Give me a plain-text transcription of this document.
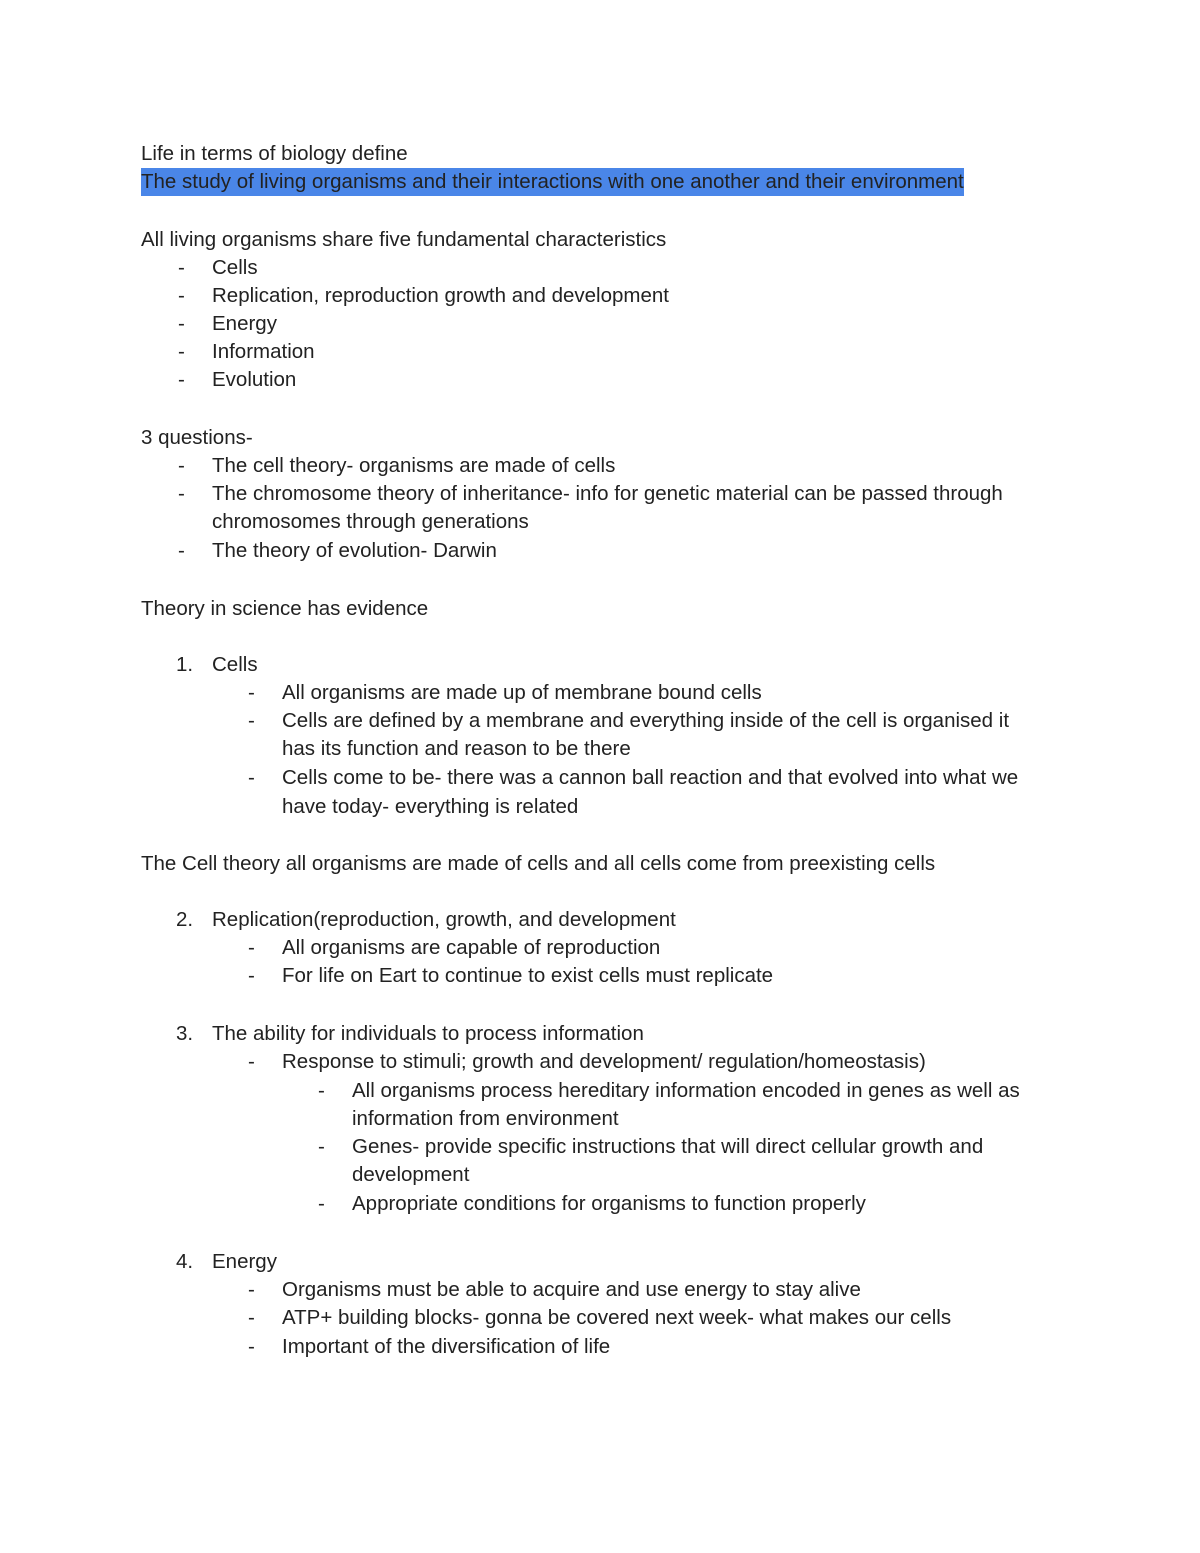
Life in terms of biology define
The study of living organisms and their interactions with one another and their environment
All living organisms share five fundamental characteristics
- Cells
- Replication, reproduction growth and development
- Energy
- Information
- Evolution
3 questions-
- The cell theory- organisms are made of cells
- The chromosome theory of inheritance- info for genetic material can be passed through
chromosomes through generations
- The theory of evolution- Darwin
Theory in science has evidence
1. Cells
- All organisms are made up of membrane bound cells
- Cells are defined by a membrane and everything inside of the cell is organised it
has its function and reason to be there
- Cells come to be- there was a cannon ball reaction and that evolved into what we
have today- everything is related
The Cell theory all organisms are made of cells and all cells come from preexisting cells
2. Replication(reproduction, growth, and development
- All organisms are capable of reproduction
- For life on Eart to continue to exist cells must replicate
3. The ability for individuals to process information
- Response to stimuli; growth and development/ regulation/homeostasis)
- All organisms process hereditary information encoded in genes as well as
information from environment
- Genes- provide specific instructions that will direct cellular growth and
development
- Appropriate conditions for organisms to function properly
4. Energy
- Organisms must be able to acquire and use energy to stay alive
- ATP+ building blocks- gonna be covered next week- what makes our cells
- Important of the diversification of life
